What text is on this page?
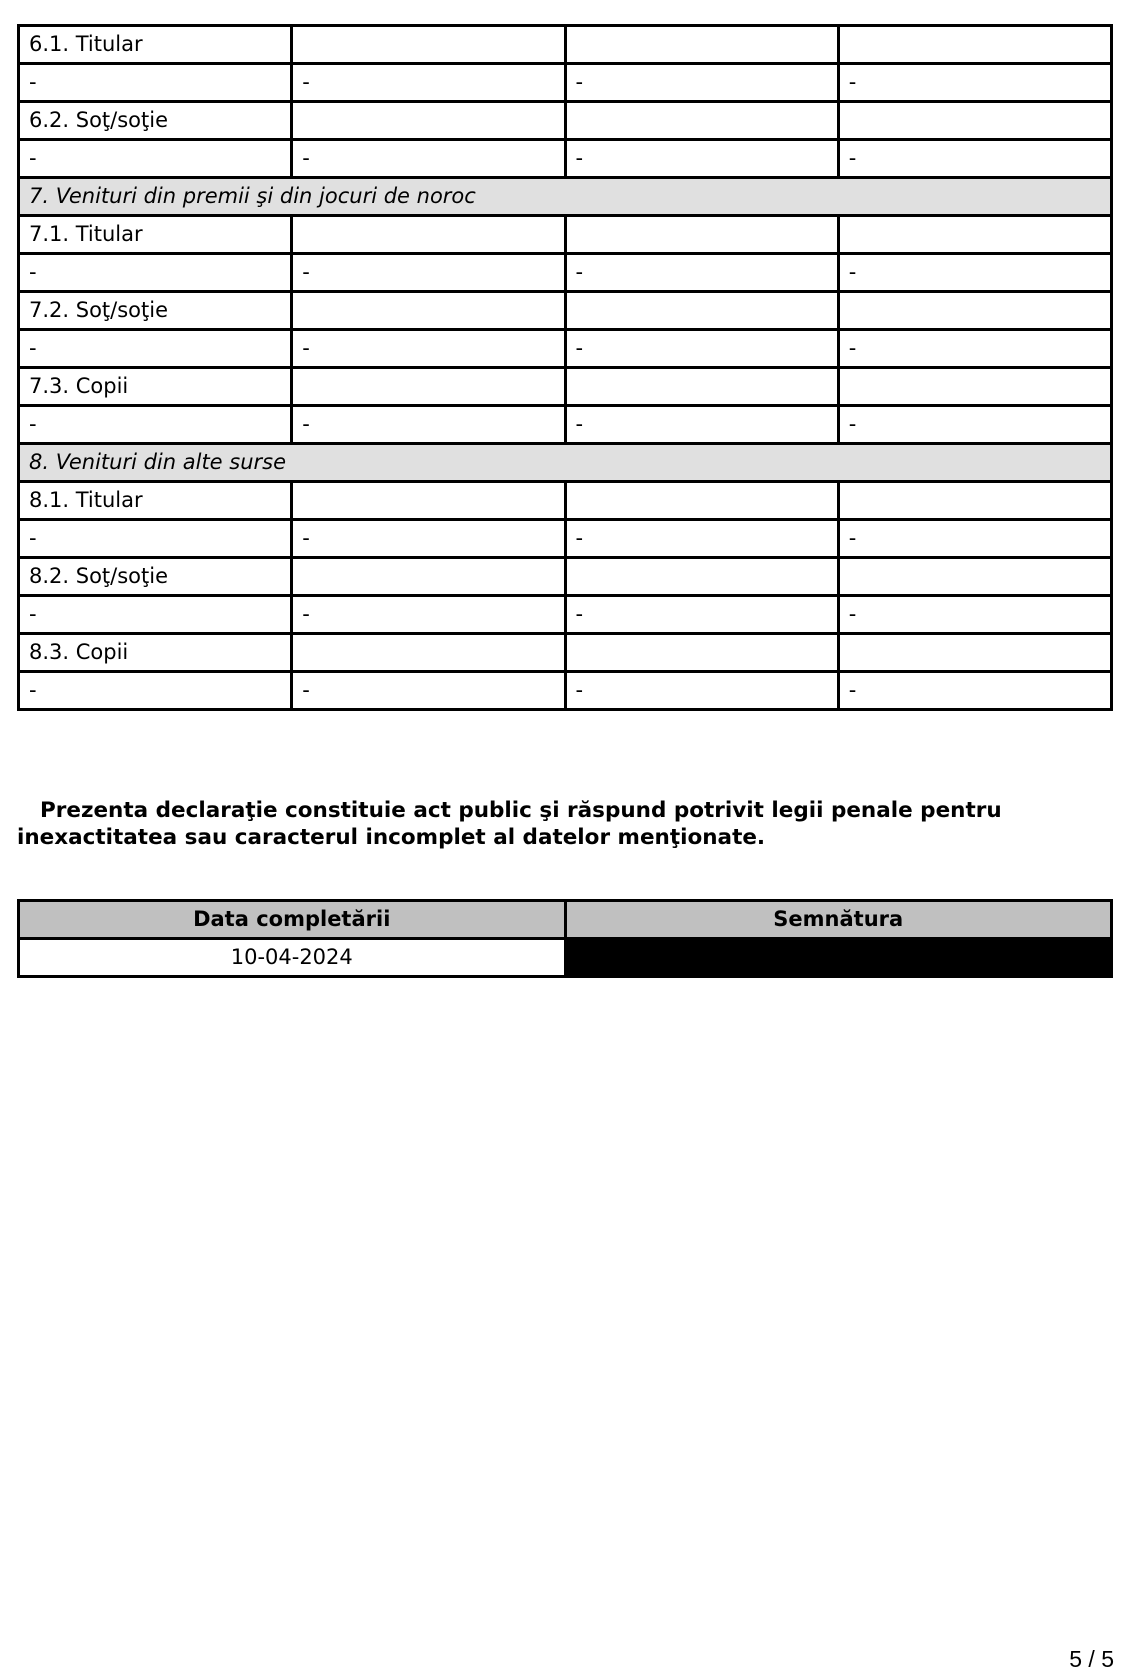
6.1. Titular			
-	-	-	-
6.2. Soţ/soţie			
-	-	-	-
7. Venituri din premii şi din jocuri de noroc			
7.1. Titular			
-	-	-	-
7.2. Soţ/soţie			
-	-	-	-
7.3. Copii			
-	-	-	-
8. Venituri din alte surse			
8.1. Titular			
-	-	-	-
8.2. Soţ/soţie			
-	-	-	-
8.3. Copii			
-	-	-	-

Prezenta declaraţie constituie act public şi răspund potrivit legii penale pentru inexactitatea sau caracterul incomplet al datelor menţionate.

Data completării	Semnătura
10-04-2024	
5 / 5
